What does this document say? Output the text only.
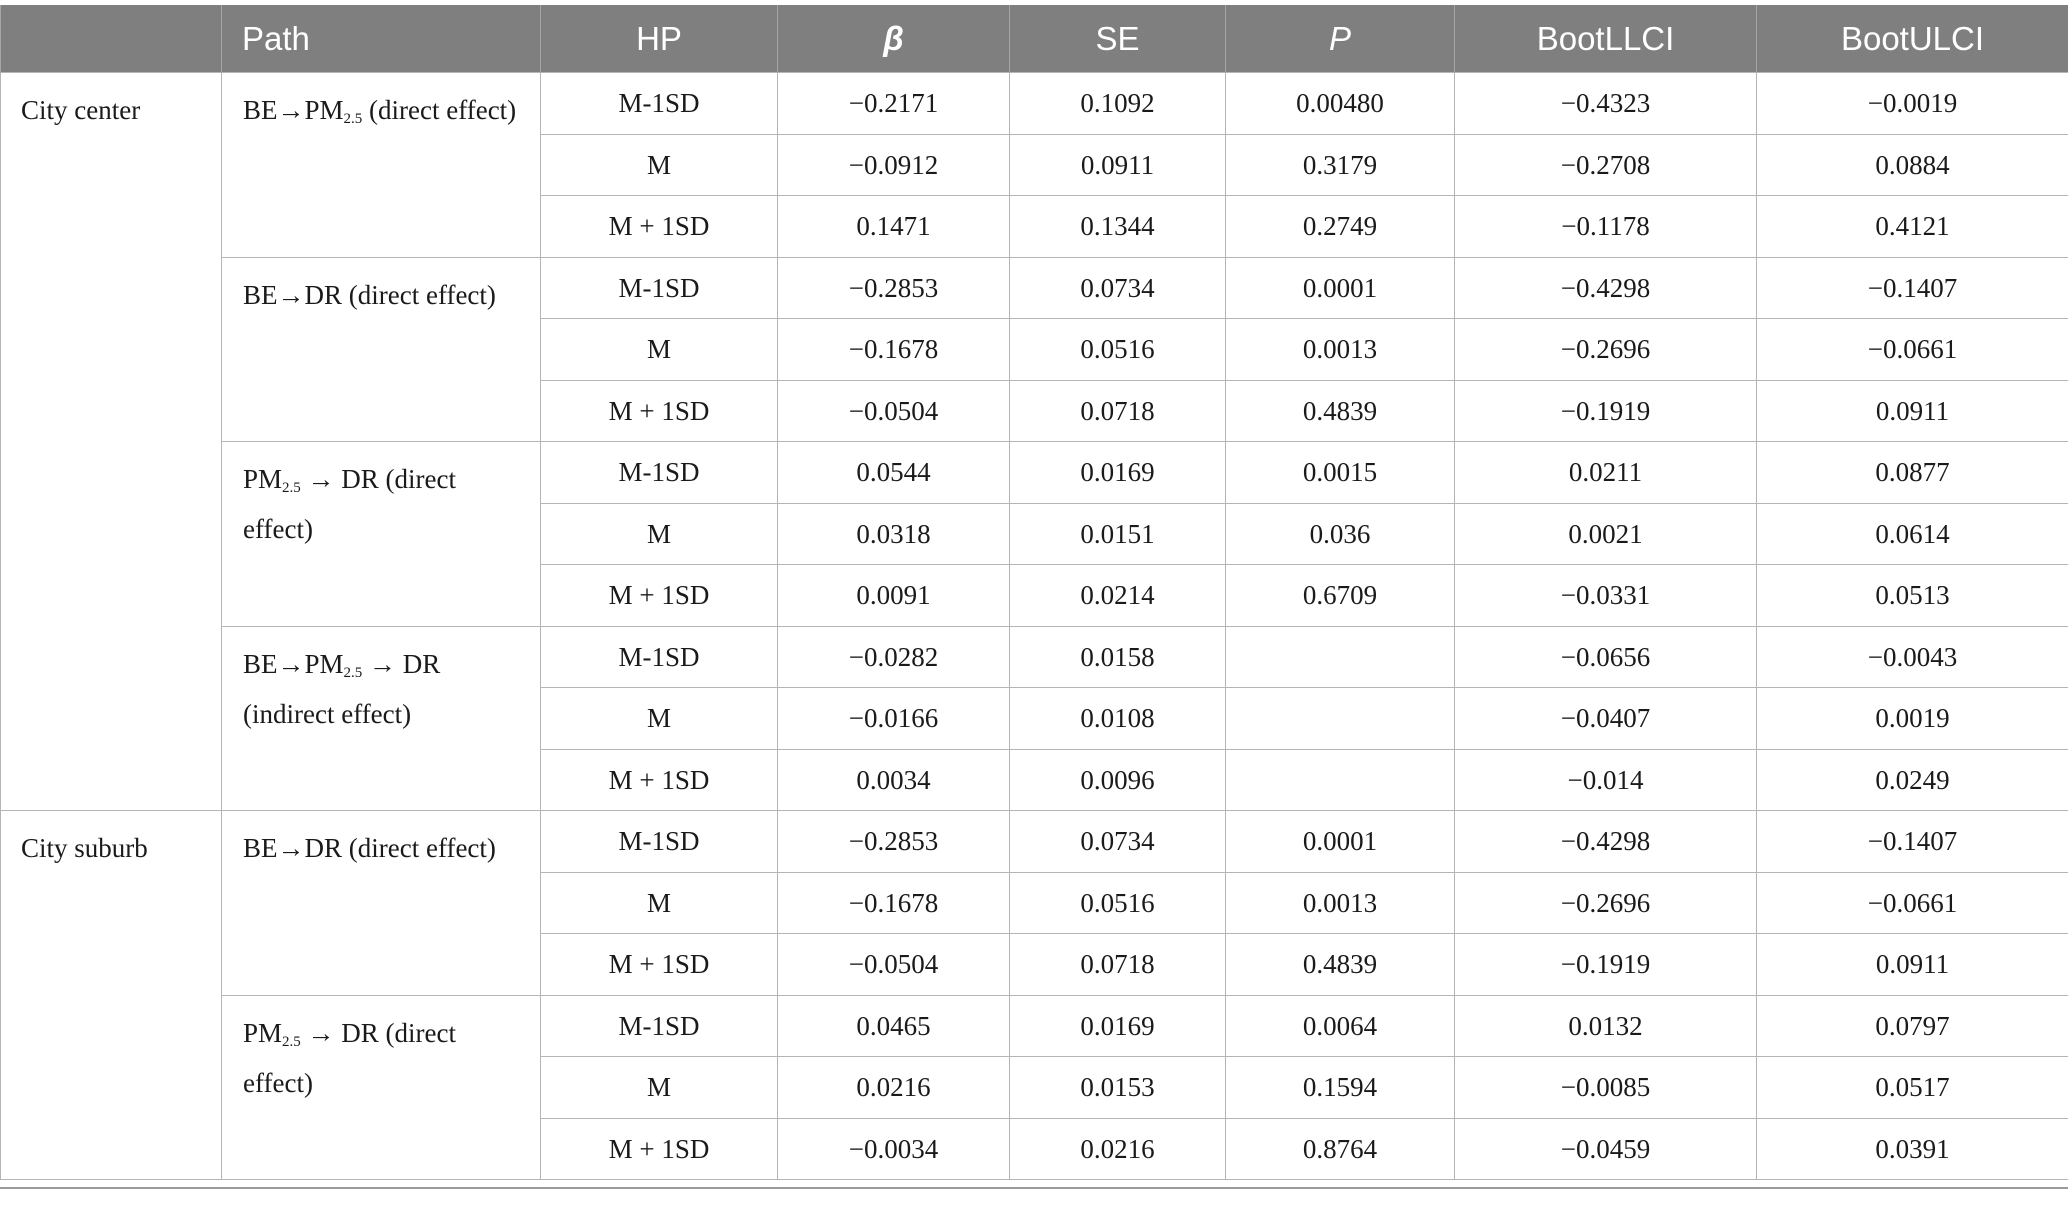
	Path	HP	β	SE	P	BootLLCI	BootULCI
City center	$BE\to PM_{2.5}$ (direct effect)	M-1SD	−0.2171	0.1092	0.00480	−0.4323	−0.0019
		M	−0.0912	0.0911	0.3179	−0.2708	0.0884
		M + 1SD	0.1471	0.1344	0.2749	−0.1178	0.4121
	BE→DR (direct effect)	M-1SD	−0.2853	0.0734	0.0001	−0.4298	−0.1407
		M	−0.1678	0.0516	0.0013	−0.2696	−0.0661
		M + 1SD	−0.0504	0.0718	0.4839	−0.1919	0.0911
	$PM_{2.5}$ → DR (direct effect)	M-1SD	0.0544	0.0169	0.0015	0.0211	0.0877
		M	0.0318	0.0151	0.036	0.0021	0.0614
		M + 1SD	0.0091	0.0214	0.6709	−0.0331	0.0513
	$BE\to PM_{2.5}$ → DR (indirect effect)	M-1SD	−0.0282	0.0158		−0.0656	−0.0043
		M	−0.0166	0.0108		−0.0407	0.0019
		M + 1SD	0.0034	0.0096		−0.014	0.0249
City suburb	BE→DR (direct effect)	M-1SD	−0.2853	0.0734	0.0001	−0.4298	−0.1407
		M	−0.1678	0.0516	0.0013	−0.2696	−0.0661
		M + 1SD	−0.0504	0.0718	0.4839	−0.1919	0.0911
	$PM_{2.5}$ → DR (direct effect)	M-1SD	0.0465	0.0169	0.0064	0.0132	0.0797
		M	0.0216	0.0153	0.1594	−0.0085	0.0517
		M + 1SD	−0.0034	0.0216	0.8764	−0.0459	0.0391
